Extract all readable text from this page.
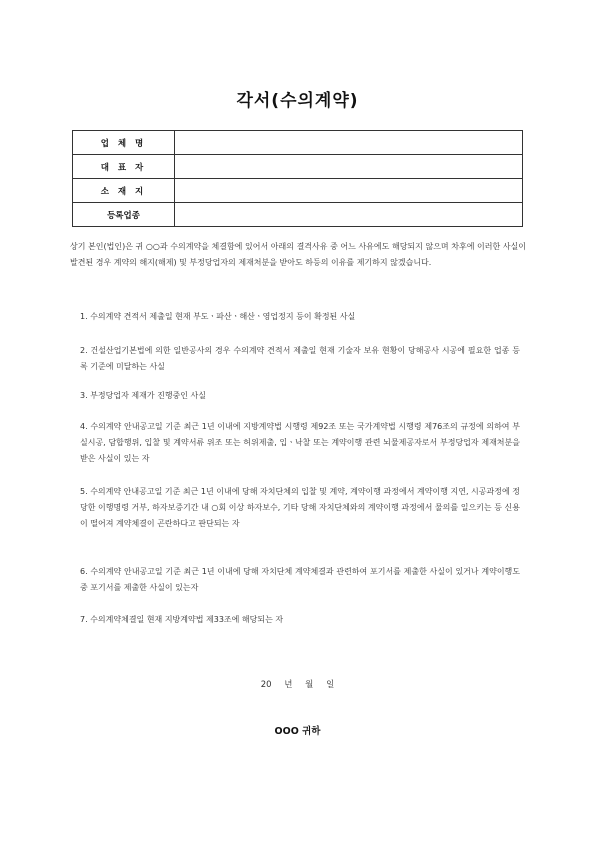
각서(수의계약)
업 체 명	
대 표 자	
소 재 지	
등록업종	
상기 본인(법인)은 귀 ○○과 수의계약을 체결함에 있어서 아래의 결격사유 중 어느 사유에도 해당되지 않으며 차후에 이러한 사실이 발견된 경우 계약의 해지(해제) 및 부정당업자의 제재처분을 받아도 하등의 이유를 제기하지 않겠습니다.
1. 수의계약 견적서 제출일 현재 부도ㆍ파산ㆍ해산ㆍ영업정지 등이 확정된 사실
2. 건설산업기본법에 의한 일반공사의 경우 수의계약 견적서 제출일 현재 기술자 보유 현황이 당해공사 시공에 필요한 업종 등록 기준에 미달하는 사실
3. 부정당업자 제재가 진행중인 사실
4. 수의계약 안내공고일 기준 최근 1년 이내에 지방계약법 시행령 제92조 또는 국가계약법 시행령 제76조의 규정에 의하여 부실시공, 담합행위, 입찰 및 계약서류 위조 또는 허위제출, 입ㆍ낙찰 또는 계약이행 관련 뇌물제공자로서 부정당업자 제재처분을 받은 사실이 있는 자
5. 수의계약 안내공고일 기준 최근 1년 이내에 당해 자치단체의 입찰 및 계약, 계약이행 과정에서 계약이행 지연, 시공과정에 정당한 이행명령 거부, 하자보증기간 내 ○회 이상 하자보수, 기타 당해 자치단체와의 계약이행 과정에서 물의를 일으키는 등 신용이 떨어져 계약체결이 곤란하다고 판단되는 자
6. 수의계약 안내공고일 기준 최근 1년 이내에 당해 자치단체 계약체결과 관련하여 포기서를 제출한 사실이 있거나 계약이행도중 포기서를 제출한 사실이 있는자
7. 수의계약체결일 현재 지방계약법 제33조에 해당되는 자
20 년 월 일
OOO 귀하
